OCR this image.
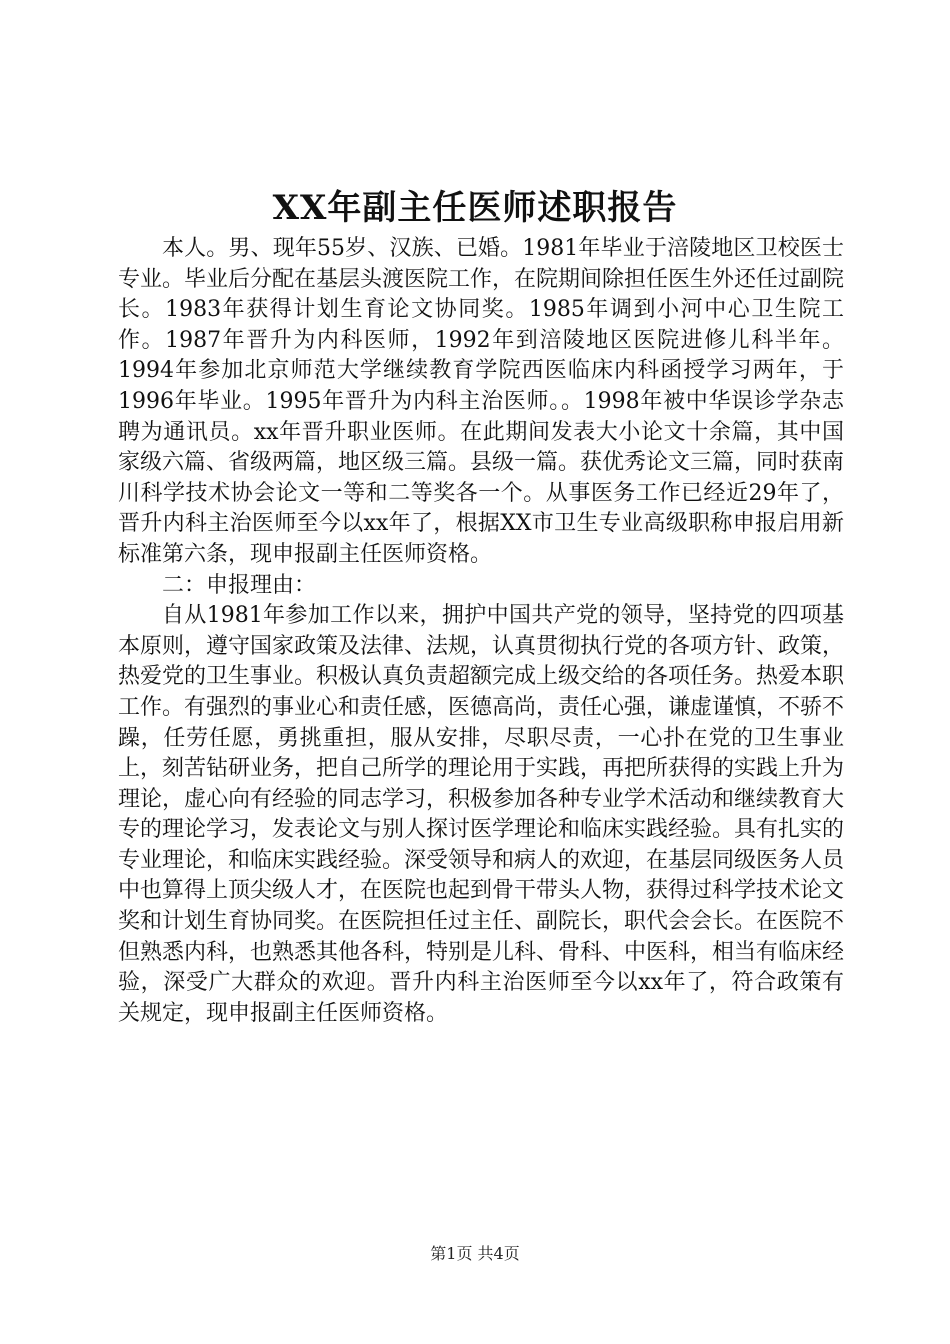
XX年副主任医师述职报告

本人。男、现年55岁、汉族、已婚。1981年毕业于涪陵地区卫校医士专业。毕业后分配在基层头渡医院工作，在院期间除担任医生外还任过副院长。1983年获得计划生育论文协同奖。1985年调到小河中心卫生院工作。1987年晋升为内科医师，1992年到涪陵地区医院进修儿科半年。1994年参加北京师范大学继续教育学院西医临床内科函授学习两年，于1996年毕业。1995年晋升为内科主治医师。。1998年被中华误诊学杂志聘为通讯员。xx年晋升职业医师。在此期间发表大小论文十余篇，其中国家级六篇、省级两篇，地区级三篇。县级一篇。获优秀论文三篇，同时获南川科学技术协会论文一等和二等奖各一个。从事医务工作已经近29年了，晋升内科主治医师至今以xx年了，根据XX市卫生专业高级职称申报启用新标准第六条，现申报副主任医师资格。

二：申报理由：

自从1981年参加工作以来，拥护中国共产党的领导，坚持党的四项基本原则，遵守国家政策及法律、法规，认真贯彻执行党的各项方针、政策，热爱党的卫生事业。积极认真负责超额完成上级交给的各项任务。热爱本职工作。有强烈的事业心和责任感，医德高尚，责任心强，谦虚谨慎，不骄不躁，任劳任愿，勇挑重担，服从安排，尽职尽责，一心扑在党的卫生事业上，刻苦钻研业务，把自己所学的理论用于实践，再把所获得的实践上升为理论，虚心向有经验的同志学习，积极参加各种专业学术活动和继续教育大专的理论学习，发表论文与别人探讨医学理论和临床实践经验。具有扎实的专业理论，和临床实践经验。深受领导和病人的欢迎，在基层同级医务人员中也算得上顶尖级人才，在医院也起到骨干带头人物，获得过科学技术论文奖和计划生育协同奖。在医院担任过主任、副院长，职代会会长。在医院不但熟悉内科，也熟悉其他各科，特别是儿科、骨科、中医科，相当有临床经验，深受广大群众的欢迎。晋升内科主治医师至今以xx年了，符合政策有关规定，现申报副主任医师资格。

第1页 共4页
